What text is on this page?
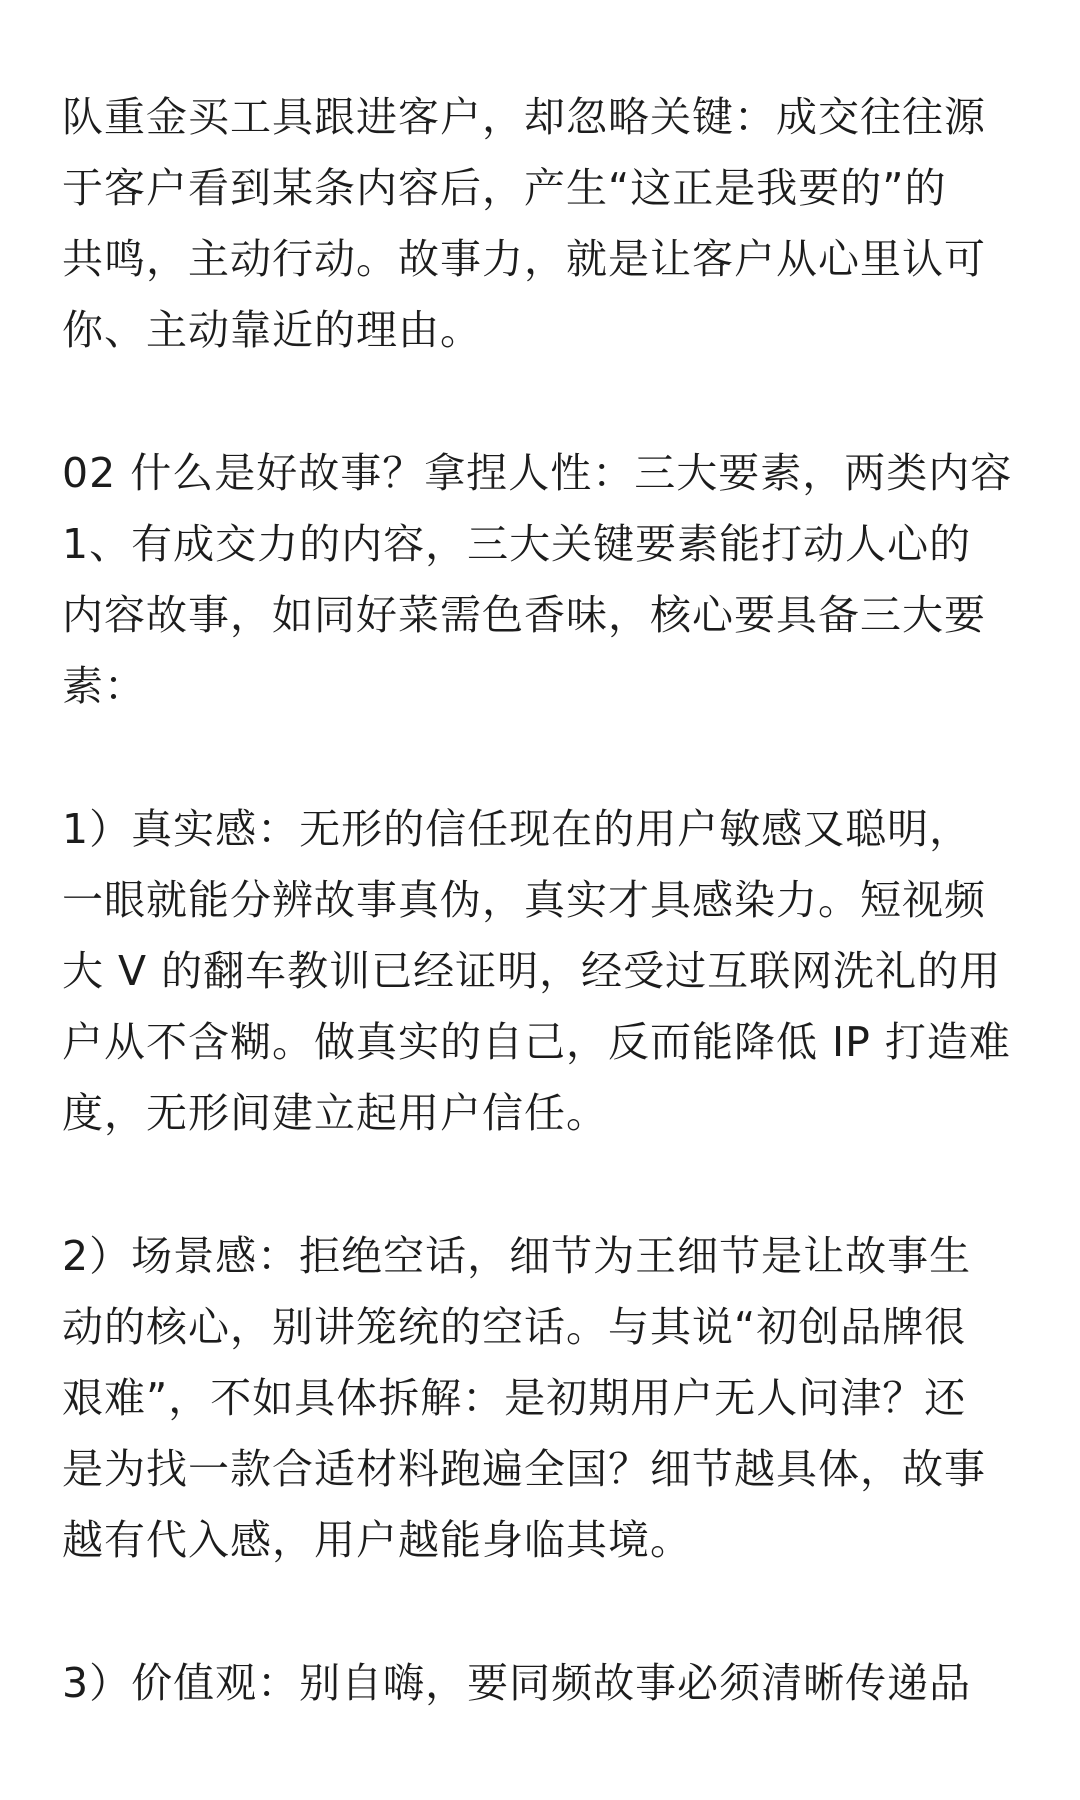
队重金买工具跟进客户，却忽略关键：成交往往源
于客户看到某条内容后，产生“这正是我要的”的
共鸣，主动行动。故事力，就是让客户从心里认可
你、主动靠近的理由。
02 什么是好故事？拿捏人性：三大要素，两类内容
1、有成交力的内容，三大关键要素能打动人心的
内容故事，如同好菜需色香味，核心要具备三大要
素：
1）真实感：无形的信任现在的用户敏感又聪明，
一眼就能分辨故事真伪，真实才具感染力。短视频
大 V 的翻车教训已经证明，经受过互联网洗礼的用
户从不含糊。做真实的自己，反而能降低 IP 打造难
度，无形间建立起用户信任。
2）场景感：拒绝空话，细节为王细节是让故事生
动的核心，别讲笼统的空话。与其说“初创品牌很
艰难”，不如具体拆解：是初期用户无人问津？还
是为找一款合适材料跑遍全国？细节越具体，故事
越有代入感，用户越能身临其境。
3）价值观：别自嗨，要同频故事必须清晰传递品
